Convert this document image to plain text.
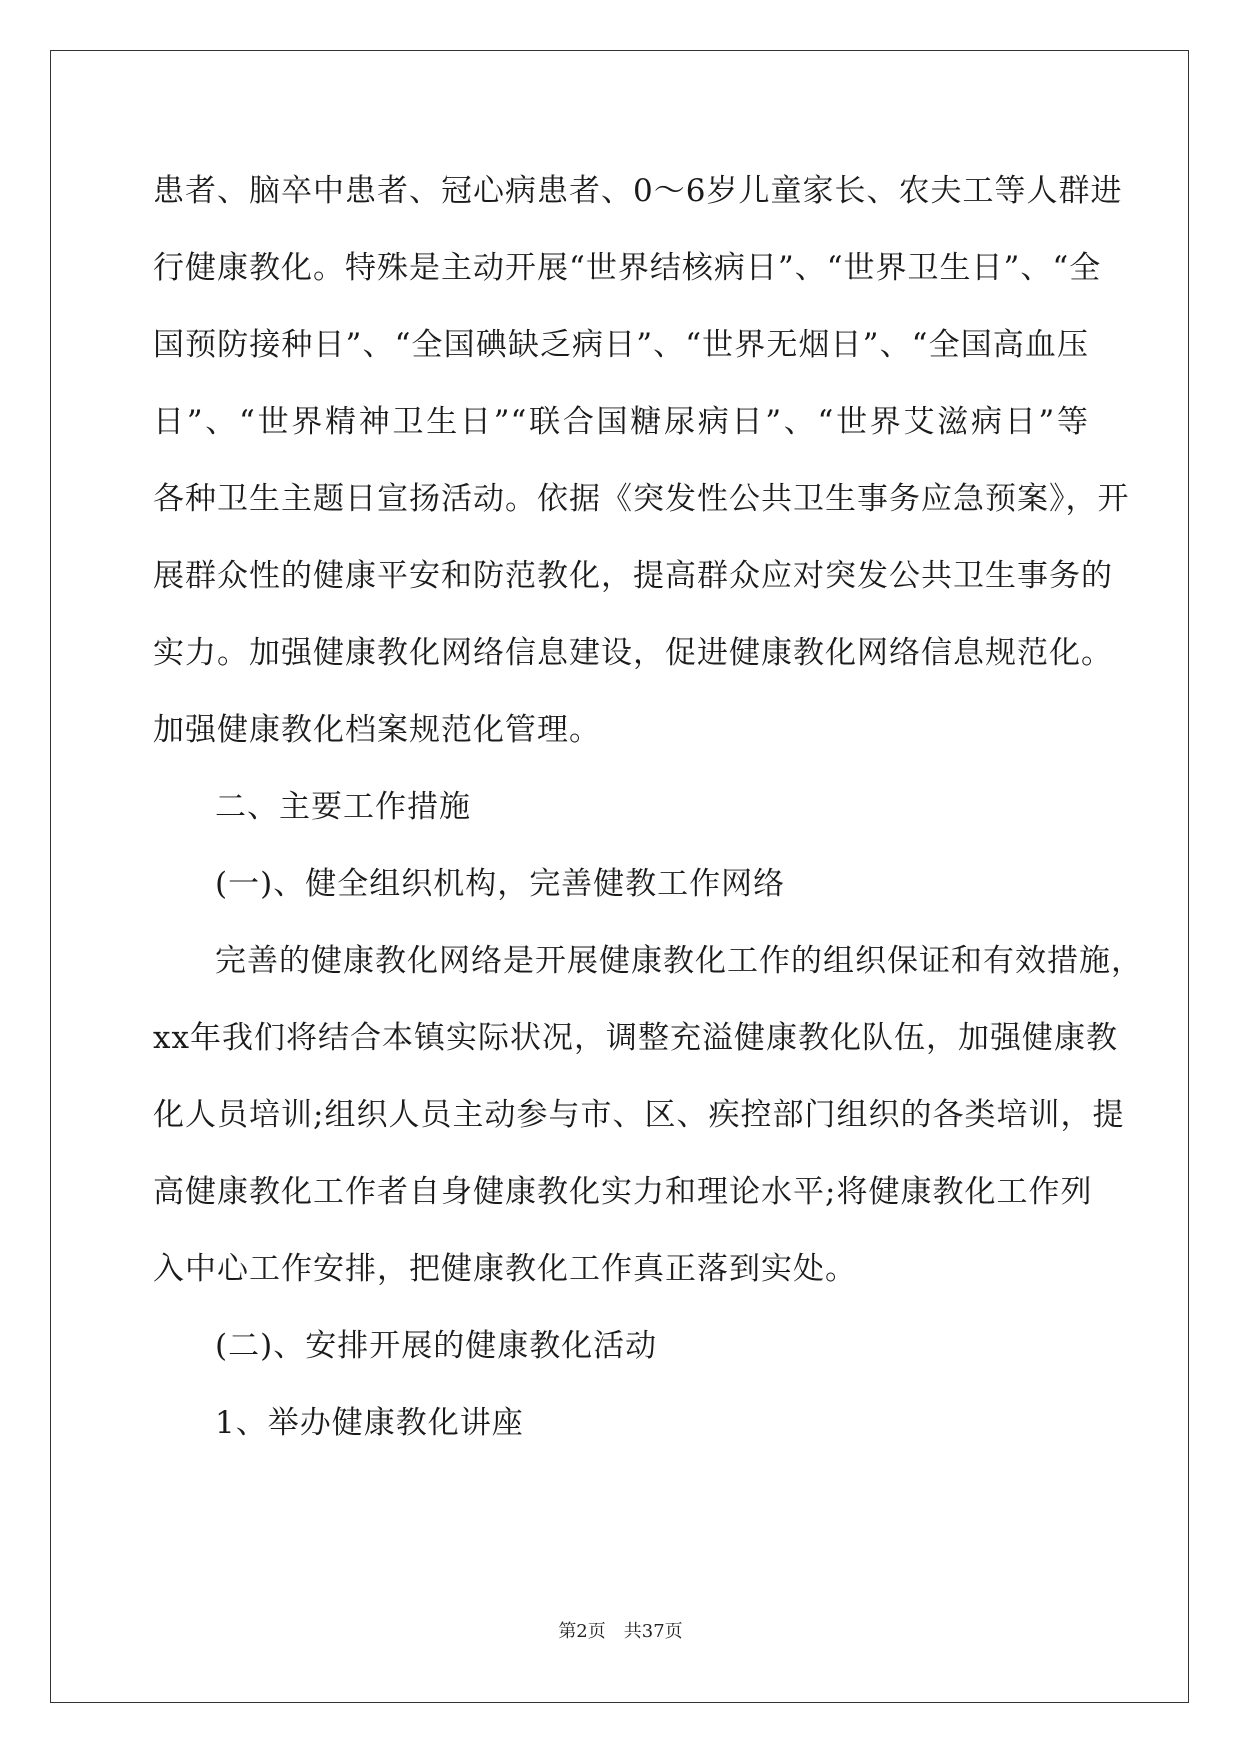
患者、脑卒中患者、冠心病患者、0～6岁儿童家长、农夫工等人群进
行健康教化。特殊是主动开展“世界结核病日”、“世界卫生日”、“全
国预防接种日”、“全国碘缺乏病日”、“世界无烟日”、“全国高血压
日”、“世界精神卫生日”“联合国糖尿病日”、“世界艾滋病日”等
各种卫生主题日宣扬活动。依据《突发性公共卫生事务应急预案》，开
展群众性的健康平安和防范教化，提高群众应对突发公共卫生事务的
实力。加强健康教化网络信息建设，促进健康教化网络信息规范化。
加强健康教化档案规范化管理。
二、主要工作措施
(一)、健全组织机构，完善健教工作网络
完善的健康教化网络是开展健康教化工作的组织保证和有效措施，
xx年我们将结合本镇实际状况，调整充溢健康教化队伍，加强健康教
化人员培训;组织人员主动参与市、区、疾控部门组织的各类培训，提
高健康教化工作者自身健康教化实力和理论水平;将健康教化工作列
入中心工作安排，把健康教化工作真正落到实处。
(二)、安排开展的健康教化活动
1、举办健康教化讲座
第2页　共37页
